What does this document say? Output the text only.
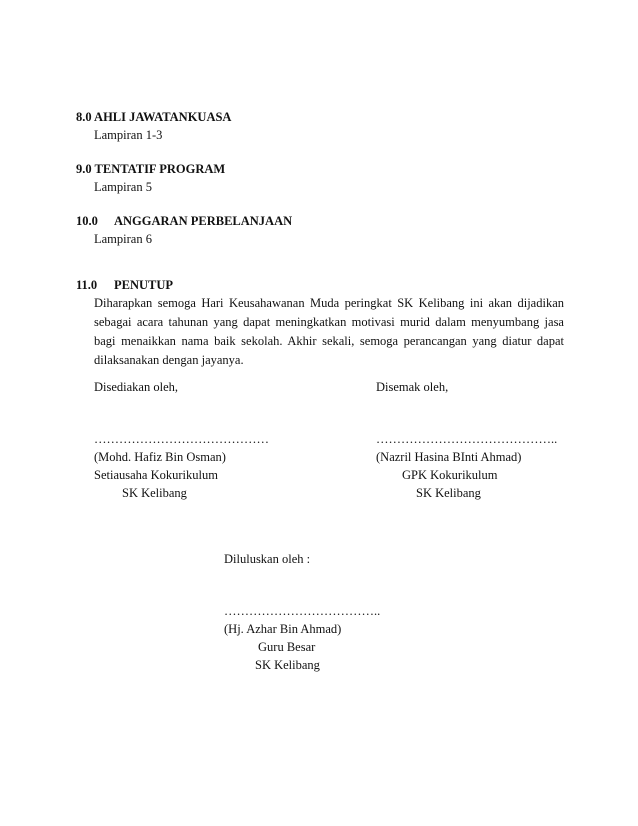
8.0 AHLI JAWATANKUASA
Lampiran 1-3
9.0 TENTATIF PROGRAM
Lampiran 5
10.0 ANGGARAN PERBELANJAAN
Lampiran 6
11.0 PENUTUP
Diharapkan semoga Hari Keusahawanan Muda peringkat SK Kelibang ini akan dijadikan sebagai acara tahunan yang dapat meningkatkan motivasi murid dalam menyumbang jasa bagi menaikkan nama baik sekolah. Akhir sekali, semoga perancangan yang diatur dapat dilaksanakan dengan jayanya.
Disediakan oleh,
……………………………………
(Mohd. Hafiz Bin Osman)
Setiausaha Kokurikulum
SK Kelibang
Disemak oleh,
……………………………………..
(Nazril Hasina BInti Ahmad)
GPK Kokurikulum
SK Kelibang
Diluluskan oleh :
………………………………..
(Hj. Azhar Bin Ahmad)
Guru Besar
SK Kelibang
